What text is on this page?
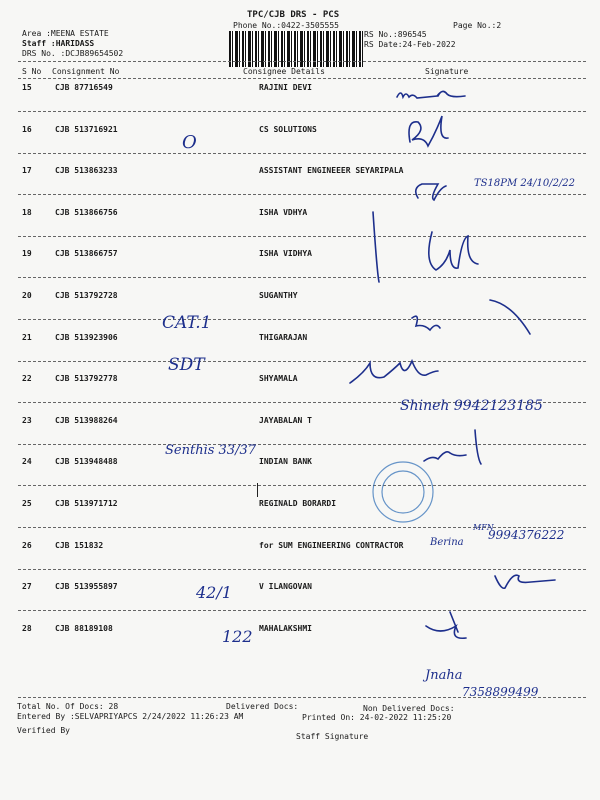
TPC/CJB DRS - PCS
Phone No.:0422-3505555	Page No.:2
Area :MEENA ESTATE
Staff :HARIDASS
DRS No. :DCJB89654502
RS No.:896545
RS Date:24-Feb-2022
S No Consignment No	Consignee Details	Signature
15	CJB 87716549	RAJINI DEVI
16	CJB 513716921	CS SOLUTIONS
17	CJB 513863233	ASSISTANT ENGINEEER SEYARIPALA
18	CJB 513866756	ISHA VDHYA
19	CJB 513866757	ISHA VIDHYA
20	CJB 513792728	SUGANTHY
21	CJB 513923906	THIGARAJAN
22	CJB 513792778	SHYAMALA
23	CJB 513988264	JAYABALAN T
24	CJB 513948488	INDIAN BANK
25	CJB 513971712	REGINALD BORARDI
26	CJB 151832	for SUM ENGINEERING CONTRACTOR
27	CJB 513955897	V ILANGOVAN
28	CJB 88189108	MAHALAKSHMI
O
TS18PM 24/10/2/22
CAT.1
SDT
Shineh 9942123185
Senthis 33/37
Berina
MFN
9994376222
42/1
122
Jnaha
7358899499
Total No. Of Docs: 28	Delivered Docs:	Non Delivered Docs:
Entered By :SELVAPRIYAPCS 2/24/2022 11:26:23 AM	Printed On: 24-02-2022 11:25:20
Verified By
Staff Signature
